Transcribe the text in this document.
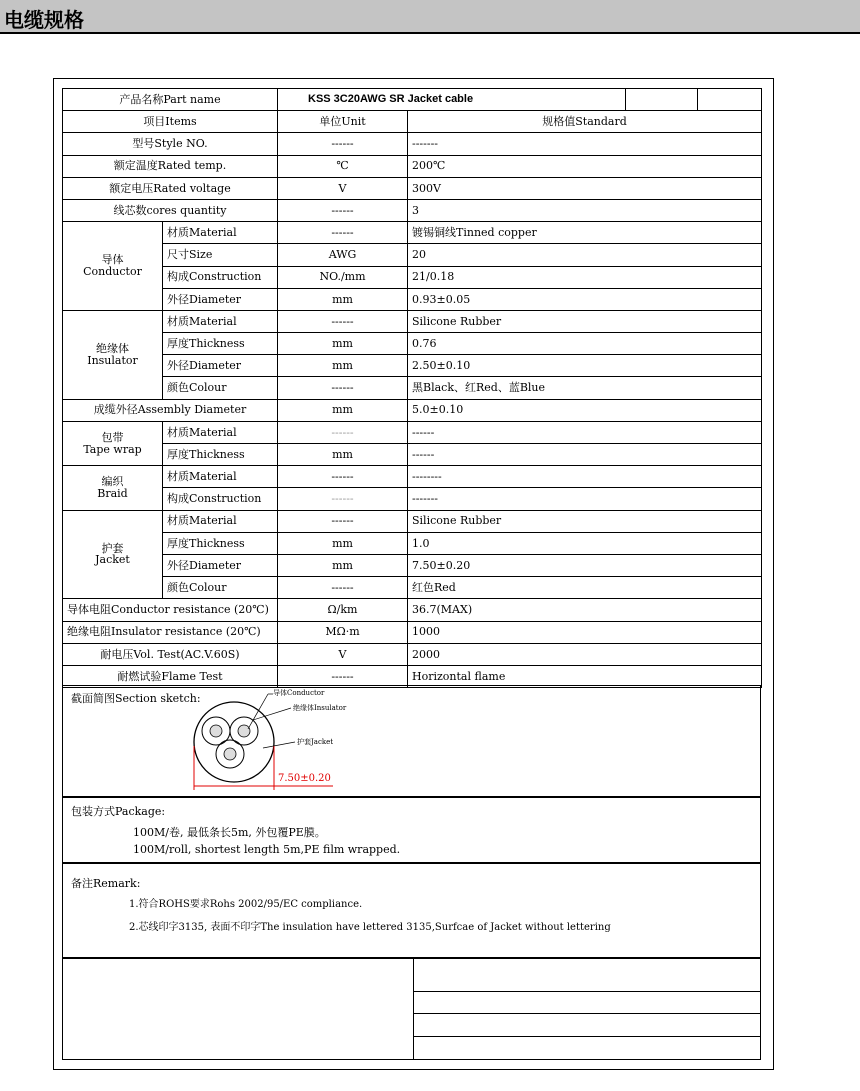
电缆规格
产品名称Part name		KSS 3C20AWG SR Jacket cable			
项目Items		单位Unit	规格值Standard		
型号Style NO.		------	-------		
额定温度Rated temp.		℃	200℃		
额定电压Rated voltage		V	300V		
线芯数cores quantity		------	3		

导体
Conductor	材质Material	------	镀锡铜线Tinned copper		
	尺寸Size	AWG	20		
	构成Construction	NO./mm	21/0.18		
	外径Diameter	mm	0.93±0.05		

绝缘体
Insulator	材质Material	------	Silicone Rubber		
	厚度Thickness	mm	0.76		
	外径Diameter	mm	2.50±0.10		
	颜色Colour	------	黑Black、红Red、蓝Blue		
成缆外径Assembly Diameter		mm	5.0±0.10		

包带
Tape wrap	材质Material	------	------		
	厚度Thickness	mm	------		

编织
Braid	材质Material	------	--------		
	构成Construction	------	-------		

护套
Jacket	材质Material	------	Silicone Rubber		
	厚度Thickness	mm	1.0		
	外径Diameter	mm	7.50±0.20		
	颜色Colour	------	红色Red		
导体电阻Conductor resistance (20℃)		Ω/km	36.7(MAX)		
绝缘电阻Insulator resistance (20℃)		MΩ·m	1000		
耐电压Vol. Test(AC.V.60S)		V	2000		
耐燃试验Flame Test		------	Horizontal flame		
截面简图Section sketch:	导体Conductor
绝缘体Insulator
护套Jacket
7.50±0.20
包装方式Package:
100M/卷, 最低条长5m, 外包覆PE膜。
100M/roll, shortest length 5m,PE film wrapped.
备注Remark:
1.符合ROHS要求Rohs 2002/95/EC compliance.
2.芯线印字3135, 表面不印字The insulation have lettered 3135,Surfcae of Jacket without lettering
